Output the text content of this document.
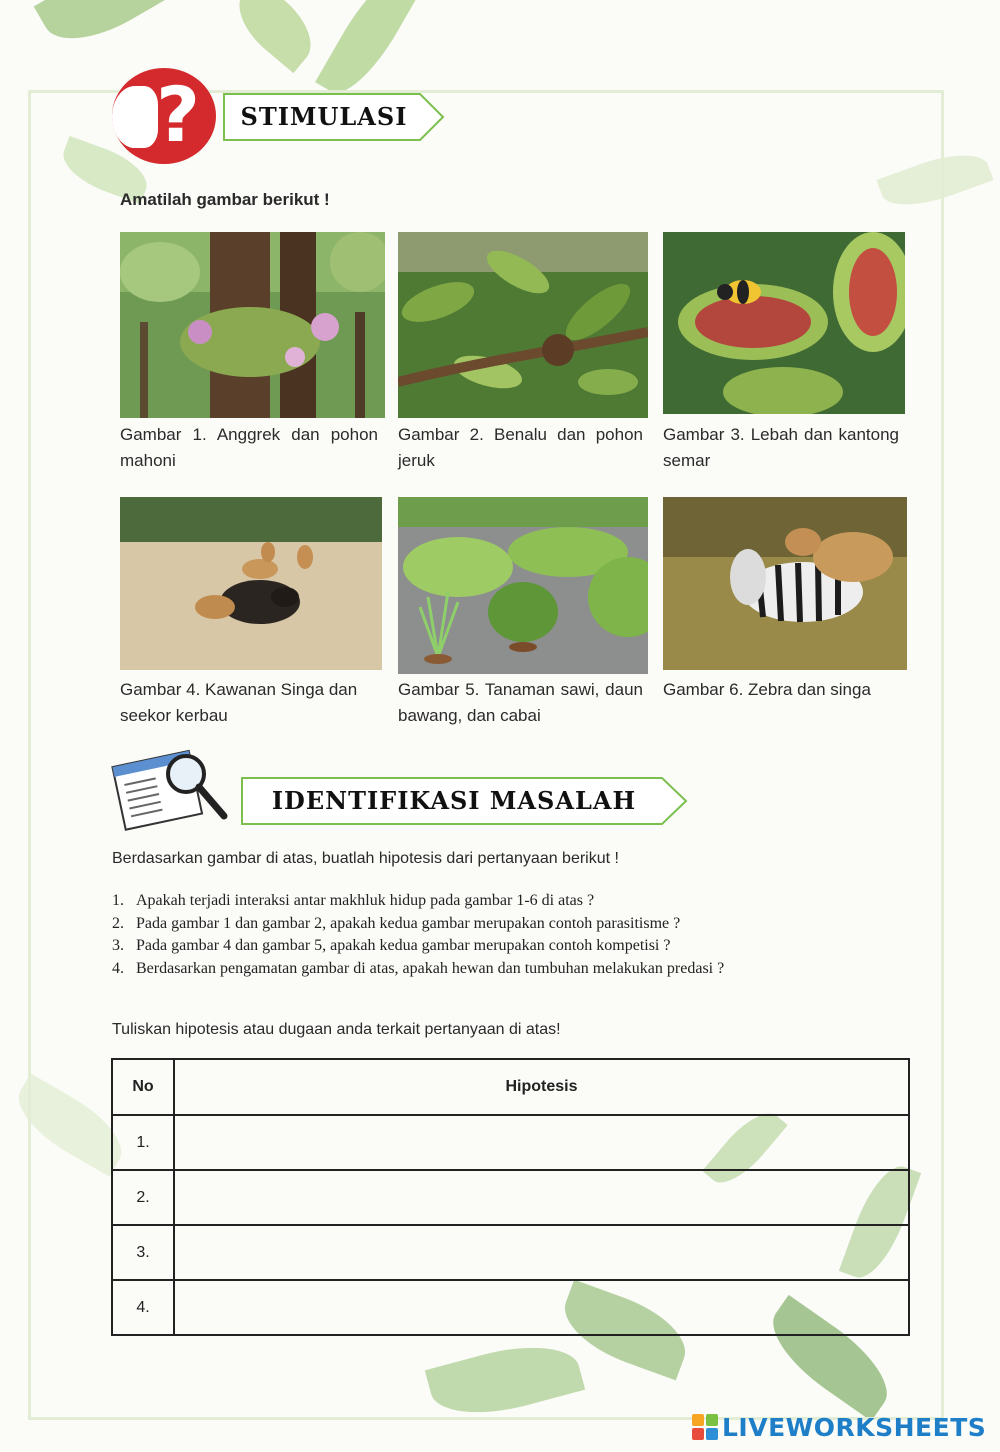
?	STIMULASI
Amatilah gambar berikut !
Gambar 1. Anggrek dan pohon mahoni
Gambar 2. Benalu dan pohon jeruk
Gambar 3. Lebah dan kantong semar
Gambar 4. Kawanan Singa dan seekor kerbau
Gambar 5. Tanaman sawi, daun bawang, dan cabai
Gambar 6. Zebra dan singa
IDENTIFIKASI MASALAH
Berdasarkan gambar di atas, buatlah hipotesis dari pertanyaan berikut !
1. Apakah terjadi interaksi antar makhluk hidup pada gambar 1-6 di atas ?
2. Pada gambar 1 dan gambar 2, apakah kedua gambar merupakan contoh parasitisme ?
3. Pada gambar 4 dan gambar 5, apakah kedua gambar merupakan contoh kompetisi ?
4. Berdasarkan pengamatan gambar di atas, apakah hewan dan tumbuhan melakukan predasi ?
Tuliskan hipotesis atau dugaan anda terkait pertanyaan di atas!
No	Hipotesis
1.	
2.	
3.	
4.	
LIVEWORKSHEETS
